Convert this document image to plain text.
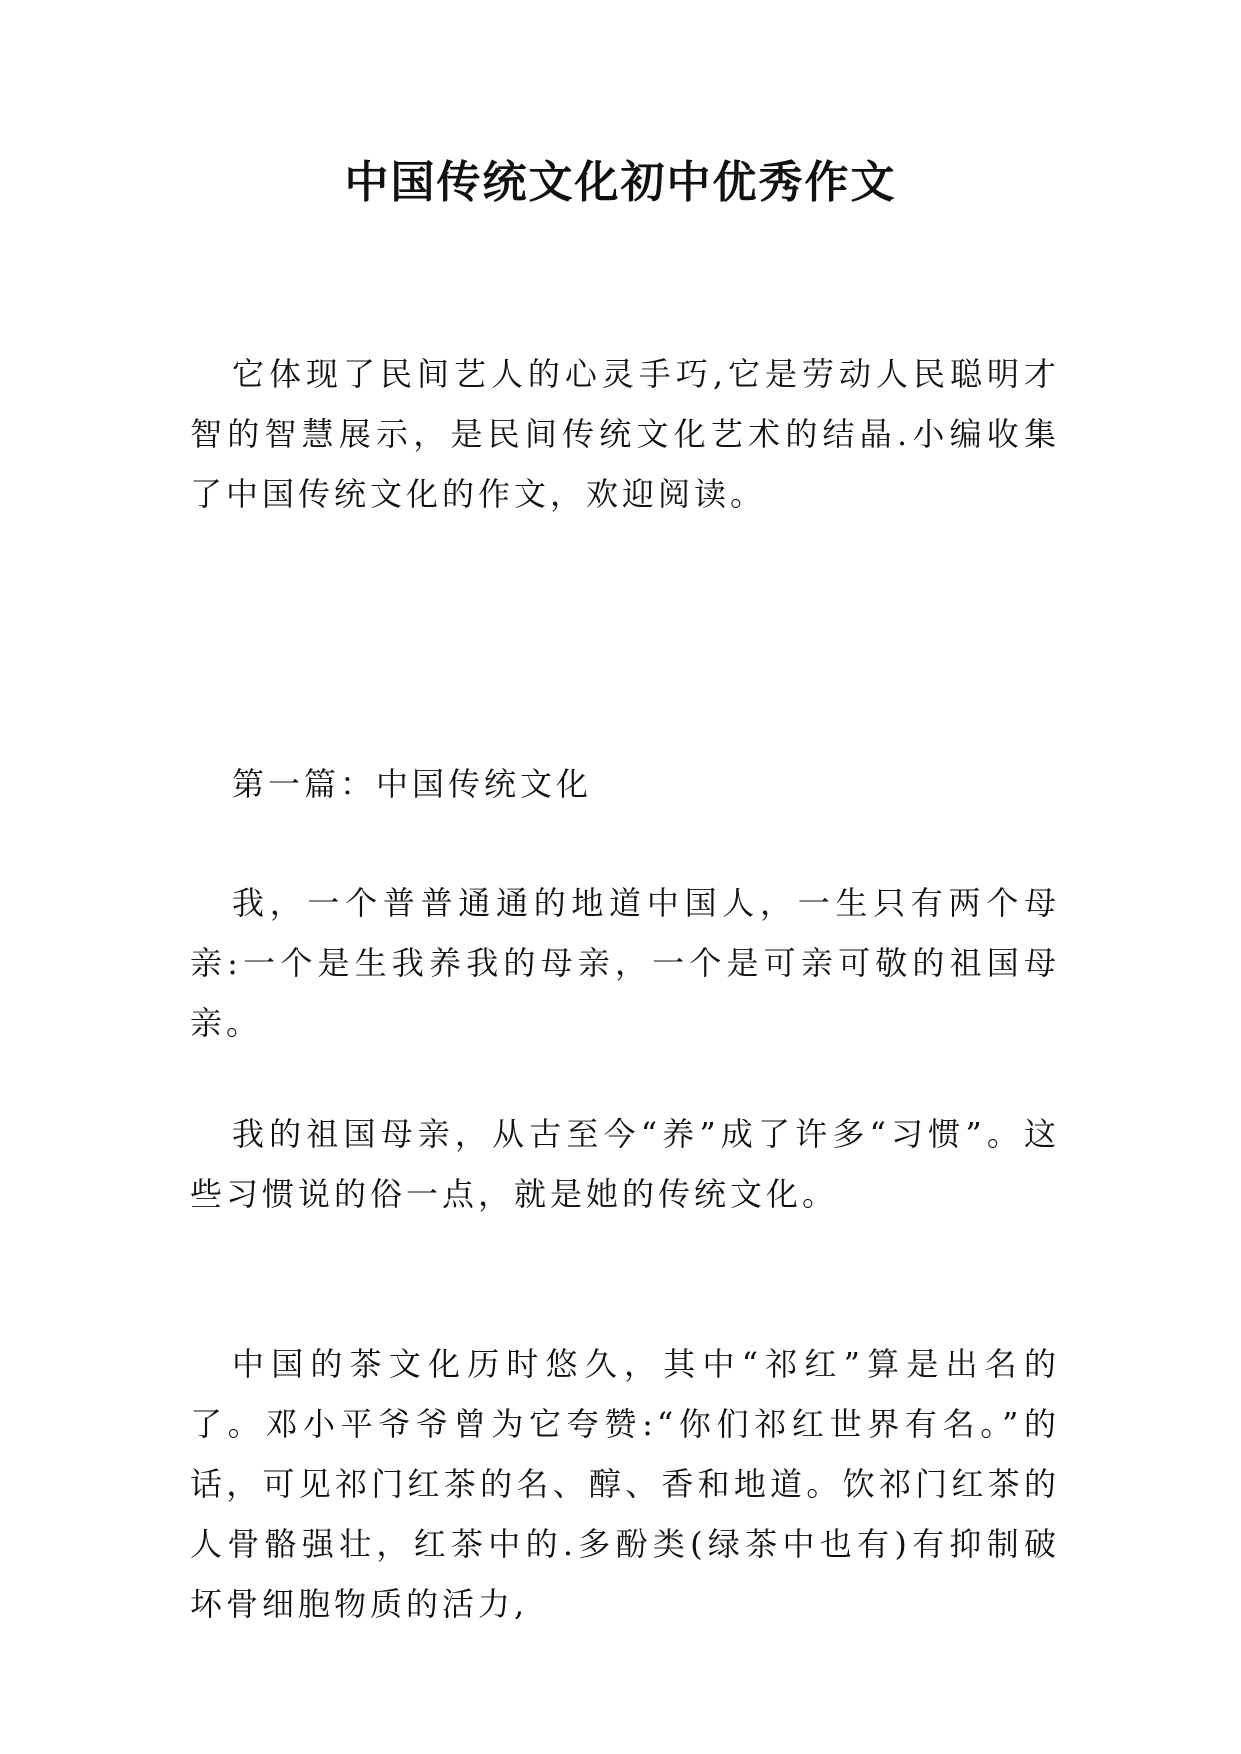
中国传统文化初中优秀作文
它体现了民间艺人的心灵手巧,它是劳动人民聪明才智的智慧展示，是民间传统文化艺术的结晶.小编收集了中国传统文化的作文，欢迎阅读。
第一篇：中国传统文化
我，一个普普通通的地道中国人，一生只有两个母亲:一个是生我养我的母亲，一个是可亲可敬的祖国母亲。
我的祖国母亲，从古至今“养”成了许多“习惯”。这些习惯说的俗一点，就是她的传统文化。
中国的茶文化历时悠久，其中“祁红”算是出名的了。邓小平爷爷曾为它夸赞:“你们祁红世界有名。”的话，可见祁门红茶的名、醇、香和地道。饮祁门红茶的人骨骼强壮，红茶中的.多酚类(绿茶中也有)有抑制破坏骨细胞物质的活力,
